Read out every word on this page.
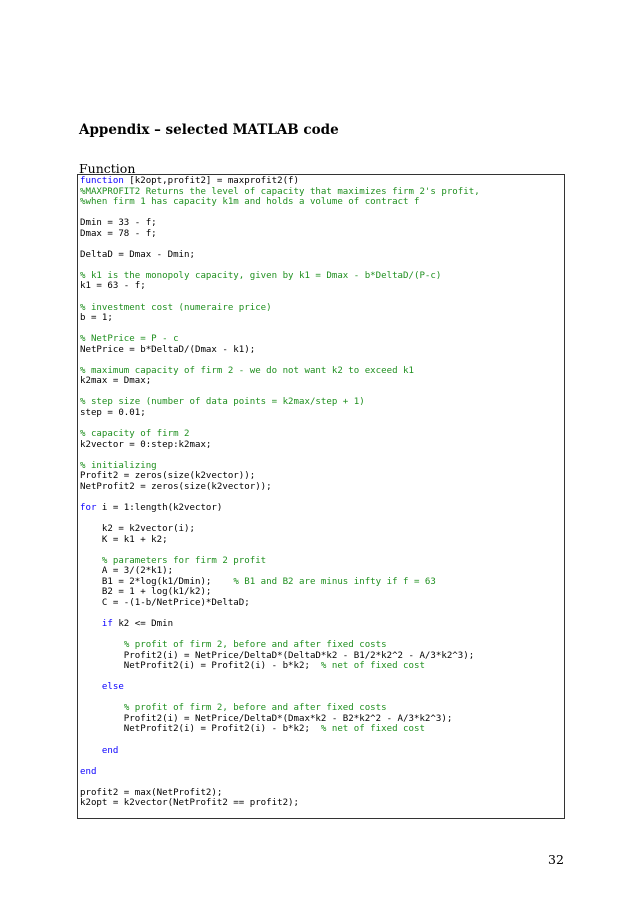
Appendix – selected MATLAB code
Function
function [k2opt,profit2] = maxprofit2(f)
%MAXPROFIT2 Returns the level of capacity that maximizes firm 2's profit,
%when firm 1 has capacity k1m and holds a volume of contract f
Dmin = 33 - f;
Dmax = 78 - f;
DeltaD = Dmax - Dmin;
% k1 is the monopoly capacity, given by k1 = Dmax - b*DeltaD/(P-c)
k1 = 63 - f;
% investment cost (numeraire price)
b = 1;
% NetPrice = P - c
NetPrice = b*DeltaD/(Dmax - k1);
% maximum capacity of firm 2 - we do not want k2 to exceed k1
k2max = Dmax;
% step size (number of data points = k2max/step + 1)
step = 0.01;
% capacity of firm 2
k2vector = 0:step:k2max;
% initializing
Profit2 = zeros(size(k2vector));
NetProfit2 = zeros(size(k2vector));
for i = 1:length(k2vector)
k2 = k2vector(i);
K = k1 + k2;
% parameters for firm 2 profit
A = 3/(2*k1);
B1 = 2*log(k1/Dmin);    % B1 and B2 are minus infty if f = 63
B2 = 1 + log(k1/k2);
C = -(1-b/NetPrice)*DeltaD;
if k2 <= Dmin
% profit of firm 2, before and after fixed costs
Profit2(i) = NetPrice/DeltaD*(DeltaD*k2 - B1/2*k2^2 - A/3*k2^3);
NetProfit2(i) = Profit2(i) - b*k2;  % net of fixed cost
else
% profit of firm 2, before and after fixed costs
Profit2(i) = NetPrice/DeltaD*(Dmax*k2 - B2*k2^2 - A/3*k2^3);
NetProfit2(i) = Profit2(i) - b*k2;  % net of fixed cost
end
end
profit2 = max(NetProfit2);
k2opt = k2vector(NetProfit2 == profit2);
32
